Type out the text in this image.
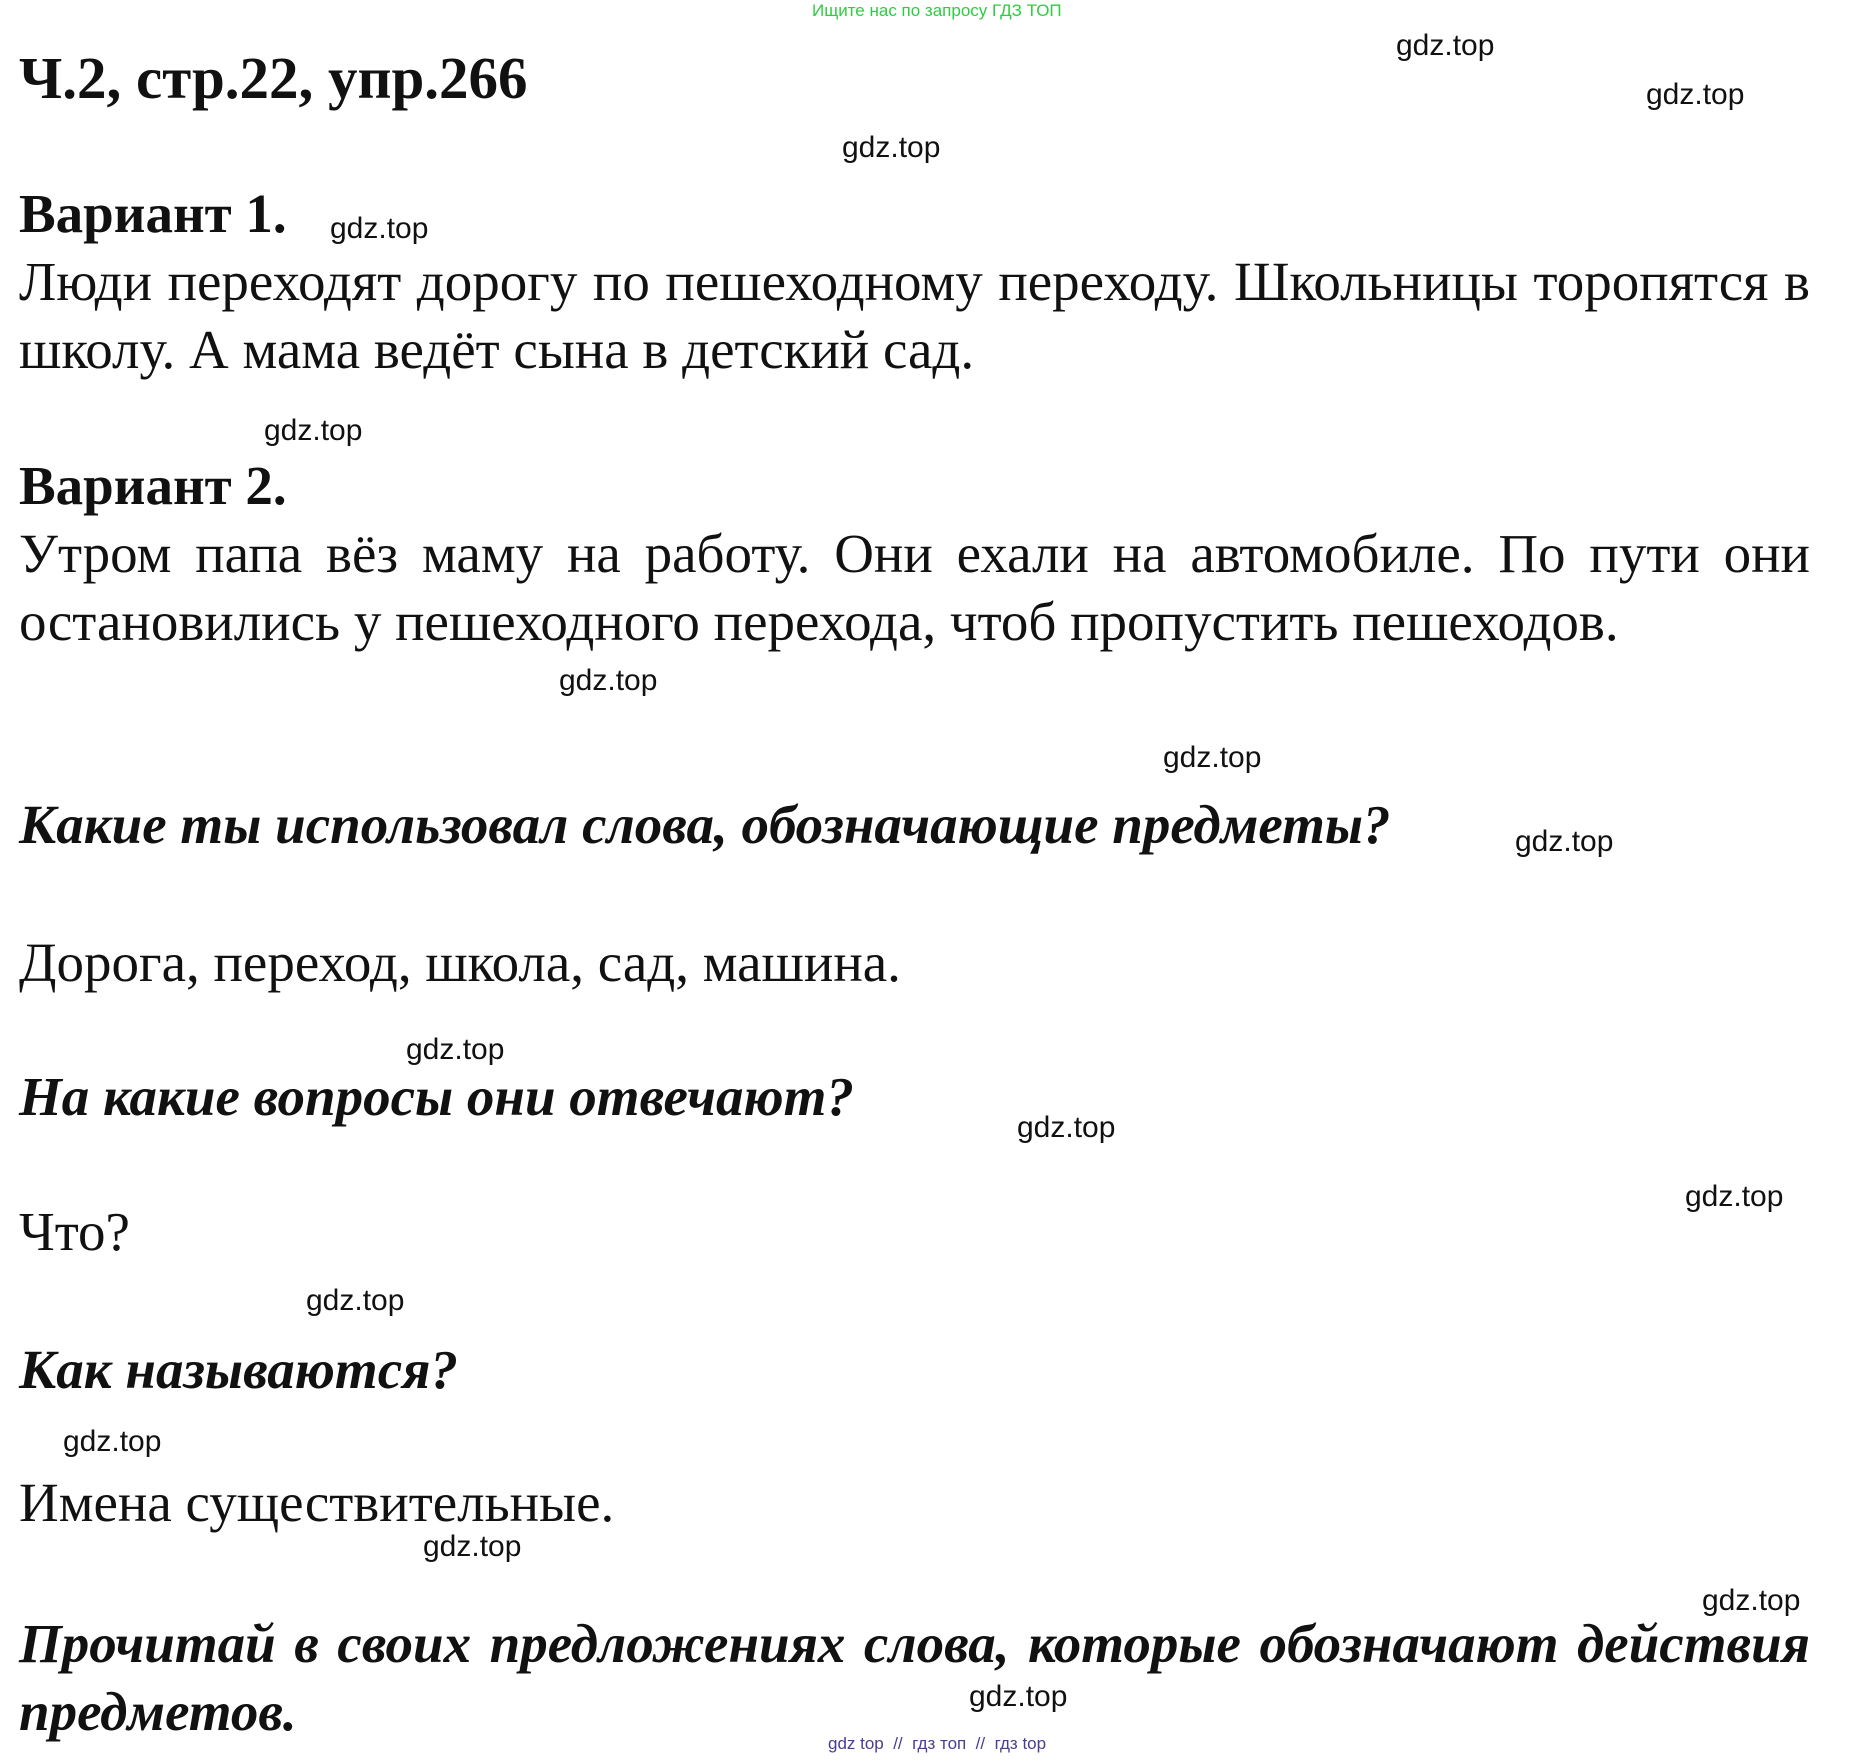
Ищите нас по запросу ГДЗ ТОП
Ч.2, стр.22, упр.266
Вариант 1.
Люди переходят дорогу по пешеходному переходу. Школьницы торопятся в школу. А мама ведёт сына в детский сад.
Вариант 2.
Утром папа вёз маму на работу. Они ехали на автомобиле. По пути они остановились у пешеходного перехода, чтоб пропустить пешеходов.
Какие ты использовал слова, обозначающие предметы?
Дорога, переход, школа, сад, машина.
На какие вопросы они отвечают?
Что?
Как называются?
Имена существительные.
Прочитай в своих предложениях слова, которые обозначают действия предметов.
gdz.top
gdz.top
gdz.top
gdz.top
gdz.top
gdz.top
gdz.top
gdz.top
gdz.top
gdz.top
gdz.top
gdz.top
gdz.top
gdz.top
gdz.top
gdz.top
gdz top  //  гдз топ  //  гдз top
